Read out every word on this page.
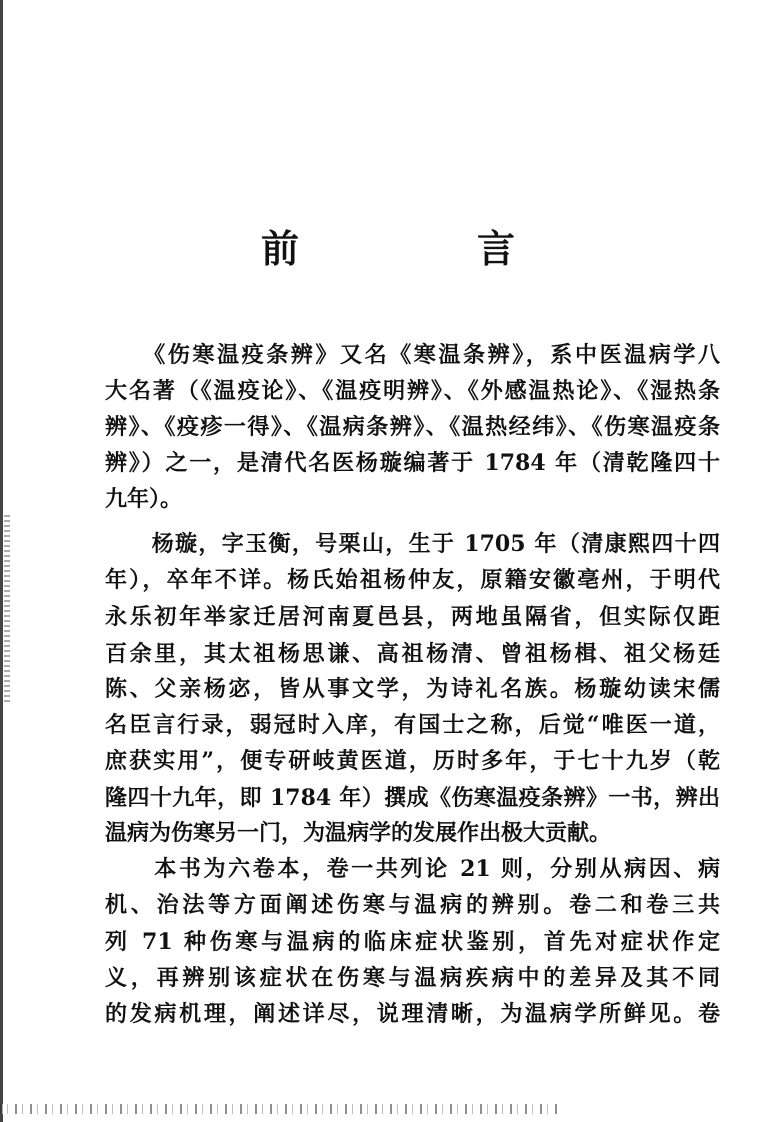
前　言
　　《伤寒温疫条辨》又名《寒温条辨》，系中医温病学八
大名著（《温疫论》、《温疫明辨》、《外感温热论》、《湿热条
辨》、《疫疹一得》、《温病条辨》、《温热经纬》、《伤寒温疫条
辨》）之一，是清代名医杨璇编著于 1784 年（清乾隆四十
九年）。
　　杨璇，字玉衡，号栗山，生于 1705 年（清康熙四十四
年），卒年不详。杨氏始祖杨仲友，原籍安徽亳州，于明代
永乐初年举家迁居河南夏邑县，两地虽隔省，但实际仅距
百余里，其太祖杨思谦、高祖杨清、曾祖杨楫、祖父杨廷
陈、父亲杨宓，皆从事文学，为诗礼名族。杨璇幼读宋儒
名臣言行录，弱冠时入庠，有国士之称，后觉“唯医一道，
庶获实用”，便专研岐黄医道，历时多年，于七十九岁（乾
隆四十九年，即 1784 年）撰成《伤寒温疫条辨》一书，辨出
温病为伤寒另一门，为温病学的发展作出极大贡献。
　　本书为六卷本，卷一共列论 21 则，分别从病因、病
机、治法等方面阐述伤寒与温病的辨别。卷二和卷三共
列 71 种伤寒与温病的临床症状鉴别，首先对症状作定
义，再辨别该症状在伤寒与温病疾病中的差异及其不同
的发病机理，阐述详尽，说理清晰，为温病学所鲜见。卷
